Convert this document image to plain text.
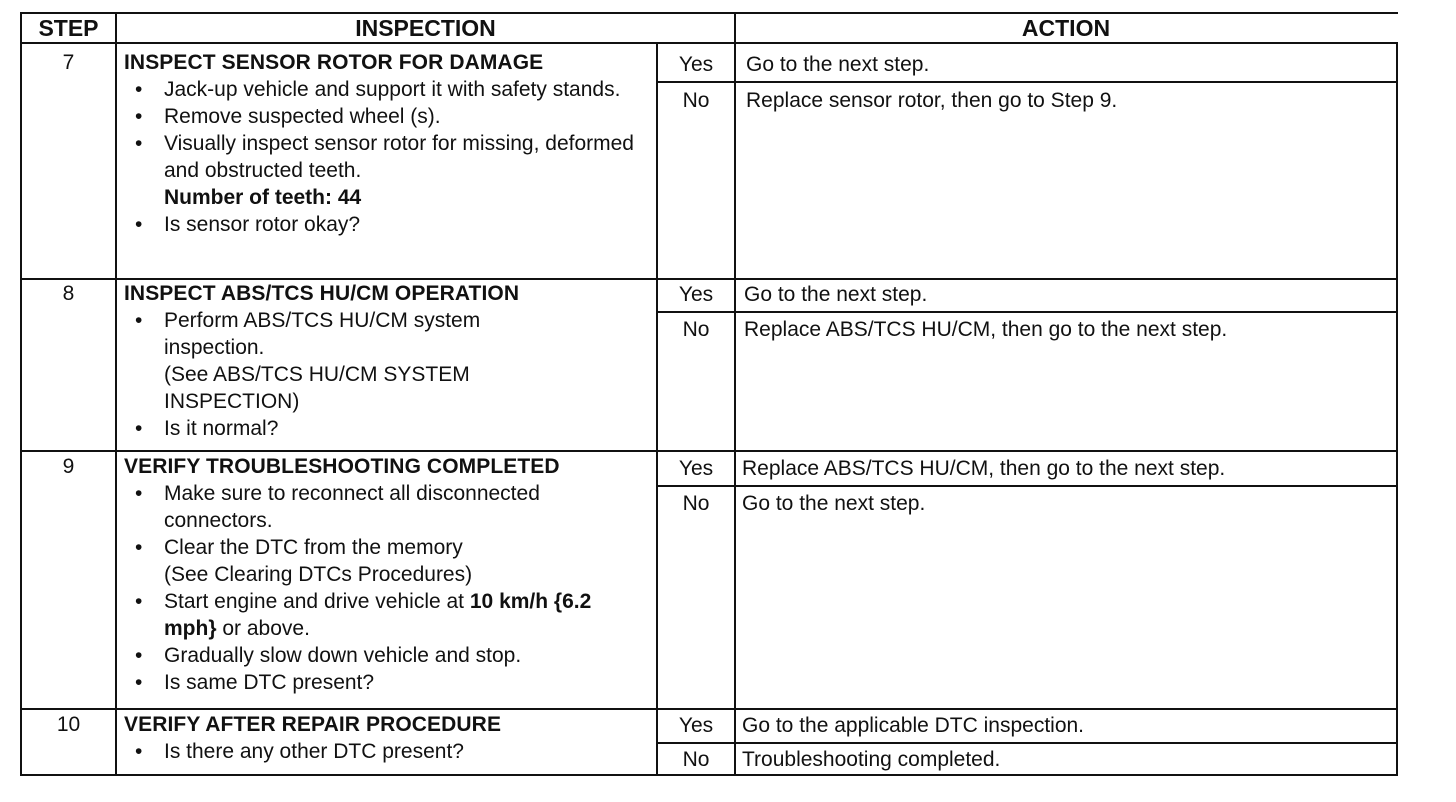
STEP	INSPECTION	ACTION
7	INSPECT SENSOR ROTOR FOR DAMAGE
• Jack-up vehicle and support it with safety stands.
• Remove suspected wheel (s).
• Visually inspect sensor rotor for missing, deformed and obstructed teeth.
Number of teeth: 44
• Is sensor rotor okay?
Yes	Go to the next step.
No	Replace sensor rotor, then go to Step 9.
8	INSPECT ABS/TCS HU/CM OPERATION
• Perform ABS/TCS HU/CM system inspection.
(See ABS/TCS HU/CM SYSTEM INSPECTION)
• Is it normal?
Yes	Go to the next step.
No	Replace ABS/TCS HU/CM, then go to the next step.
9	VERIFY TROUBLESHOOTING COMPLETED
• Make sure to reconnect all disconnected connectors.
• Clear the DTC from the memory
(See Clearing DTCs Procedures)
• Start engine and drive vehicle at 10 km/h {6.2 mph} or above.
• Gradually slow down vehicle and stop.
• Is same DTC present?
Yes	Replace ABS/TCS HU/CM, then go to the next step.
No	Go to the next step.
10	VERIFY AFTER REPAIR PROCEDURE
• Is there any other DTC present?
Yes	Go to the applicable DTC inspection.
No	Troubleshooting completed.
